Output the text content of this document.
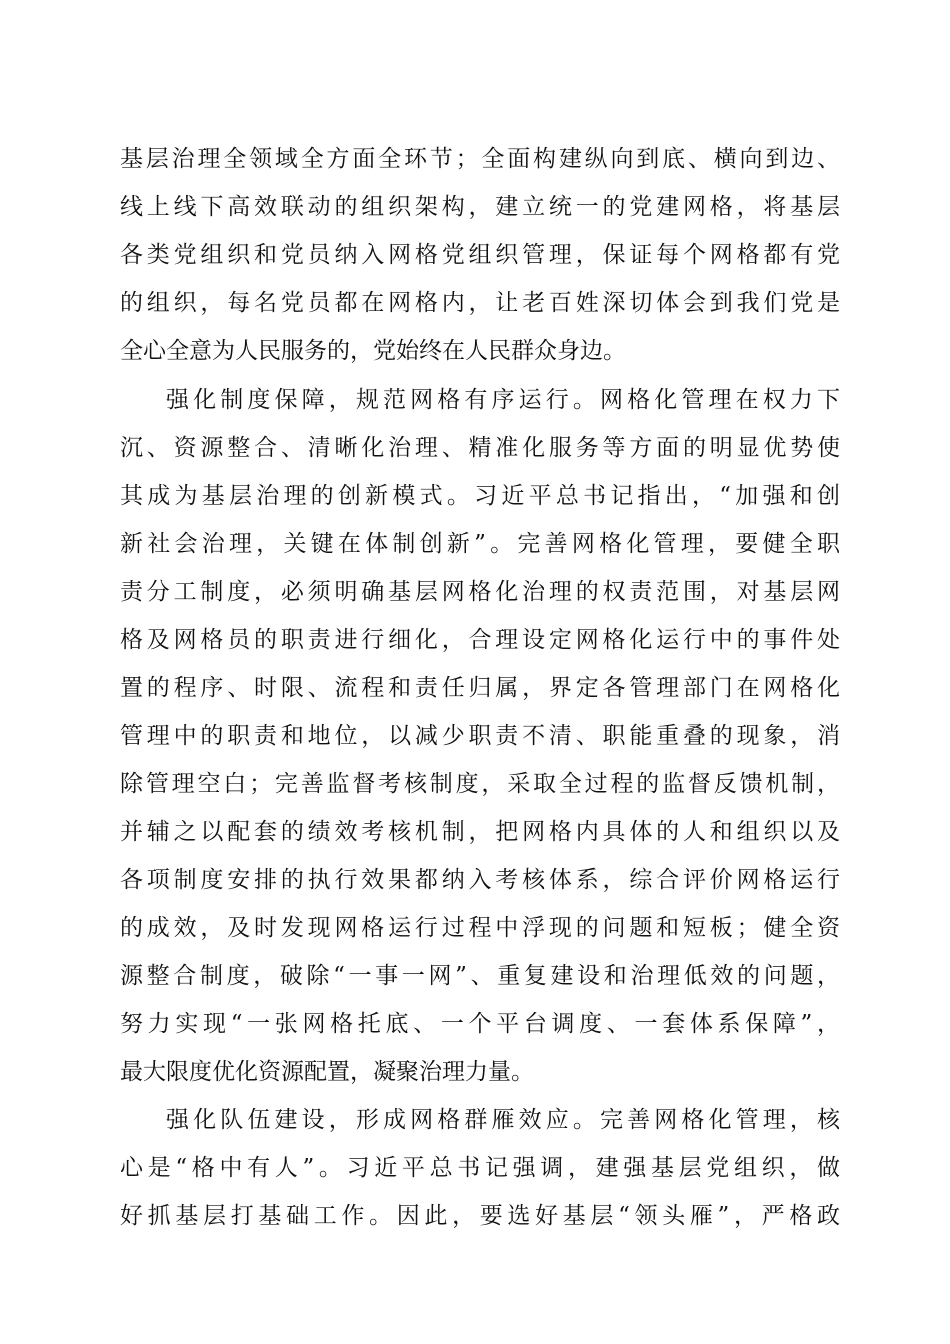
基层治理全领域全方面全环节；全面构建纵向到底、横向到边、
线上线下高效联动的组织架构，建立统一的党建网格，将基层
各类党组织和党员纳入网格党组织管理，保证每个网格都有党
的组织，每名党员都在网格内，让老百姓深切体会到我们党是
全心全意为人民服务的，党始终在人民群众身边。
强化制度保障，规范网格有序运行。网格化管理在权力下
沉、资源整合、清晰化治理、精准化服务等方面的明显优势使
其成为基层治理的创新模式。习近平总书记指出，“加强和创
新社会治理，关键在体制创新”。完善网格化管理，要健全职
责分工制度，必须明确基层网格化治理的权责范围，对基层网
格及网格员的职责进行细化，合理设定网格化运行中的事件处
置的程序、时限、流程和责任归属，界定各管理部门在网格化
管理中的职责和地位，以减少职责不清、职能重叠的现象，消
除管理空白；完善监督考核制度，采取全过程的监督反馈机制，
并辅之以配套的绩效考核机制，把网格内具体的人和组织以及
各项制度安排的执行效果都纳入考核体系，综合评价网格运行
的成效，及时发现网格运行过程中浮现的问题和短板；健全资
源整合制度，破除“一事一网”、重复建设和治理低效的问题，
努力实现“一张网格托底、一个平台调度、一套体系保障”，
最大限度优化资源配置，凝聚治理力量。
强化队伍建设，形成网格群雁效应。完善网格化管理，核
心是“格中有人”。习近平总书记强调，建强基层党组织，做
好抓基层打基础工作。因此，要选好基层“领头雁”，严格政
